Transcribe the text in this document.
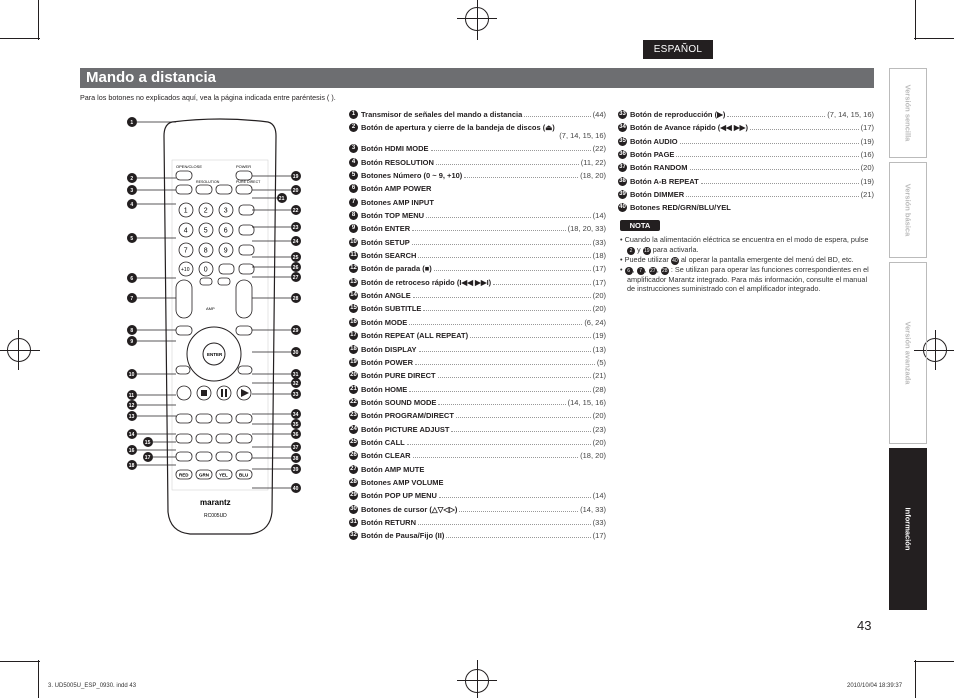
ESPAÑOL
Mando a distancia
Para los botones no explicados aquí, vea la página indicada entre paréntesis ( ).
1
2
3
4
5
6
7
8
9
10
11
12
13
14
15
16
17
18
19
20
21
22
23
24
25
26
27
28
29
30
31
32
33
34
35
36
37
38
39
40
OPEN/CLOSE	POWER
RESOLUTION	PURE DIRECT
1 2 3
4 5 6
7 8 9
0
+10
AMP
ENTER
RED GRN YEL BLU
marantz
RC005UD
1 Transmisor de señales del mando a distancia	(44)
2 Botón de apertura y cierre de la bandeja de discos (⏏)
(7, 14, 15, 16)
3 Botón HDMI MODE	(22)
4 Botón RESOLUTION	(11, 22)
5 Botones Número (0 ~ 9, +10)	(18, 20)
6 Botón AMP POWER
7 Botones AMP INPUT
8 Botón TOP MENU	(14)
9 Botón ENTER	(18, 20, 33)
10 Botón SETUP	(33)
11 Botón SEARCH	(18)
12 Botón de parada (■)	(17)
13 Botón de retroceso rápido (I◀◀ ▶▶I)	(17)
14 Botón ANGLE	(20)
15 Botón SUBTITLE	(20)
16 Botón MODE	(6, 24)
17 Botón REPEAT (ALL REPEAT)	(19)
18 Botón DISPLAY	(13)
19 Botón POWER	(5)
20 Botón PURE DIRECT	(21)
21 Botón HOME	(28)
22 Botón SOUND MODE	(14, 15, 16)
23 Botón PROGRAM/DIRECT	(20)
24 Botón PICTURE ADJUST	(23)
25 Botón CALL	(20)
26 Botón CLEAR	(18, 20)
27 Botón AMP MUTE
28 Botones AMP VOLUME
29 Botón POP UP MENU	(14)
30 Botones de cursor (△▽◁▷)	(14, 33)
31 Botón RETURN	(33)
32 Botón de Pausa/Fijo (II)	(17)
33 Botón de reproducción (▶)	(7, 14, 15, 16)
34 Botón de Avance rápido (◀◀ ▶▶)	(17)
35 Botón AUDIO	(19)
36 Botón PAGE	(16)
37 Botón RANDOM	(20)
38 Botón A-B REPEAT	(19)
39 Botón DIMMER	(21)
40 Botones RED/GRN/BLU/YEL
NOTA

• Cuando la alimentación eléctrica se encuentra en el modo de espera, pulse 2 y 19 para activarla.

• Puede utilizar 40 al operar la pantalla emergente del menú del BD, etc.

• 6 , 7 , 27, 28 : Se utilizan para operar las funciones correspondientes en el amplificador Marantz integrado. Para más información, consulte el manual de instrucciones suministrado con el amplificador integrado.

Versión sencilla
Versión básica
Versión avanzada
Información
43
3. UD5005U_ESP_0930. indd 43	2010/10/04 18:39:37
